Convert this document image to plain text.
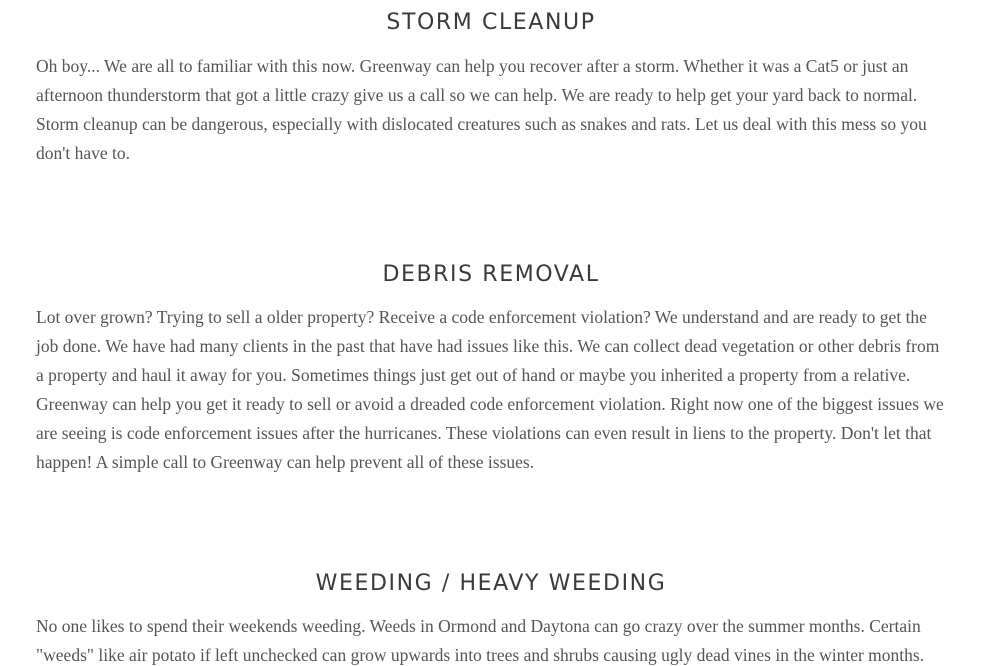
STORM CLEANUP

Oh boy... We are all to familiar with this now. Greenway can help you recover after a storm. Whether it was a Cat5 or just an afternoon thunderstorm that got a little crazy give us a call so we can help. We are ready to help get your yard back to normal. Storm cleanup can be dangerous, especially with dislocated creatures such as snakes and rats. Let us deal with this mess so you don't have to.

DEBRIS REMOVAL

Lot over grown? Trying to sell a older property? Receive a code enforcement violation? We understand and are ready to get the job done. We have had many clients in the past that have had issues like this. We can collect dead vegetation or other debris from a property and haul it away for you. Sometimes things just get out of hand or maybe you inherited a property from a relative. Greenway can help you get it ready to sell or avoid a dreaded code enforcement violation. Right now one of the biggest issues we are seeing is code enforcement issues after the hurricanes. These violations can even result in liens to the property. Don't let that happen! A simple call to Greenway can help prevent all of these issues.

WEEDING / HEAVY WEEDING

No one likes to spend their weekends weeding. Weeds in Ormond and Daytona can go crazy over the summer months. Certain "weeds" like air potato if left unchecked can grow upwards into trees and shrubs causing ugly dead vines in the winter months.
